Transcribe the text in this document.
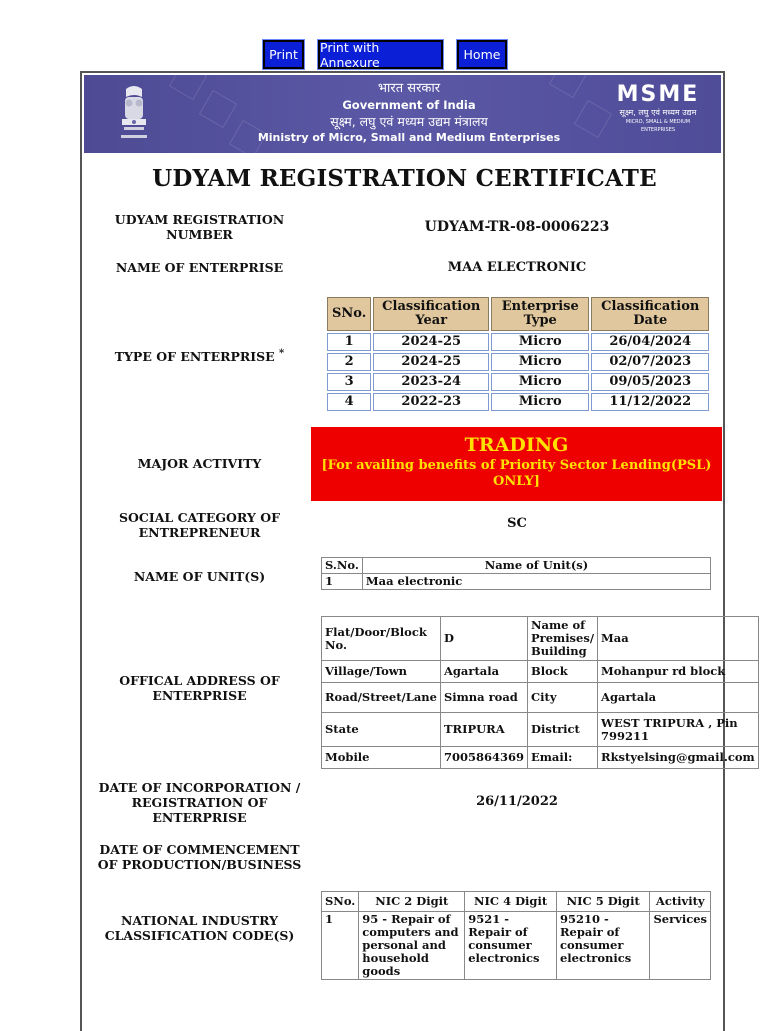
Print	Print with Annexure	Home
भारत सरकार
Government of India
सूक्ष्म, लघु एवं मध्यम उद्यम मंत्रालय
Ministry of Micro, Small and Medium Enterprises
MSME
सूक्ष्म, लघु एवं मध्यम उद्यम
MICRO, SMALL & MEDIUM ENTERPRISES
UDYAM REGISTRATION CERTIFICATE
UDYAM REGISTRATION NUMBER	UDYAM-TR-08-0006223
NAME OF ENTERPRISE	MAA ELECTRONIC
TYPE OF ENTERPRISE *
SNo.	Classification Year	Enterprise Type	Classification Date
1	2024-25	Micro	26/04/2024
2	2024-25	Micro	02/07/2023
3	2023-24	Micro	09/05/2023
4	2022-23	Micro	11/12/2022
MAJOR ACTIVITY
TRADING
[For availing benefits of Priority Sector Lending(PSL) ONLY]
SOCIAL CATEGORY OF ENTREPRENEUR
SC
NAME OF UNIT(S)
S.No.	Name of Unit(s)
1	Maa electronic
OFFICAL ADDRESS OF ENTERPRISE
Flat/Door/Block No.	D	Name of Premises/ Building	Maa
Village/Town	Agartala	Block	Mohanpur rd block
Road/Street/Lane	Simna road	City	Agartala
State	TRIPURA	District	WEST TRIPURA , Pin 799211
Mobile	7005864369	Email:	Rkstyelsing@gmail.com
DATE OF INCORPORATION / REGISTRATION OF ENTERPRISE
26/11/2022
DATE OF COMMENCEMENT OF PRODUCTION/BUSINESS
NATIONAL INDUSTRY CLASSIFICATION CODE(S)
SNo.	NIC 2 Digit	NIC 4 Digit	NIC 5 Digit	Activity
1	95 - Repair of computers and personal and household goods	9521 - Repair of consumer electronics	95210 - Repair of consumer electronics	Services
